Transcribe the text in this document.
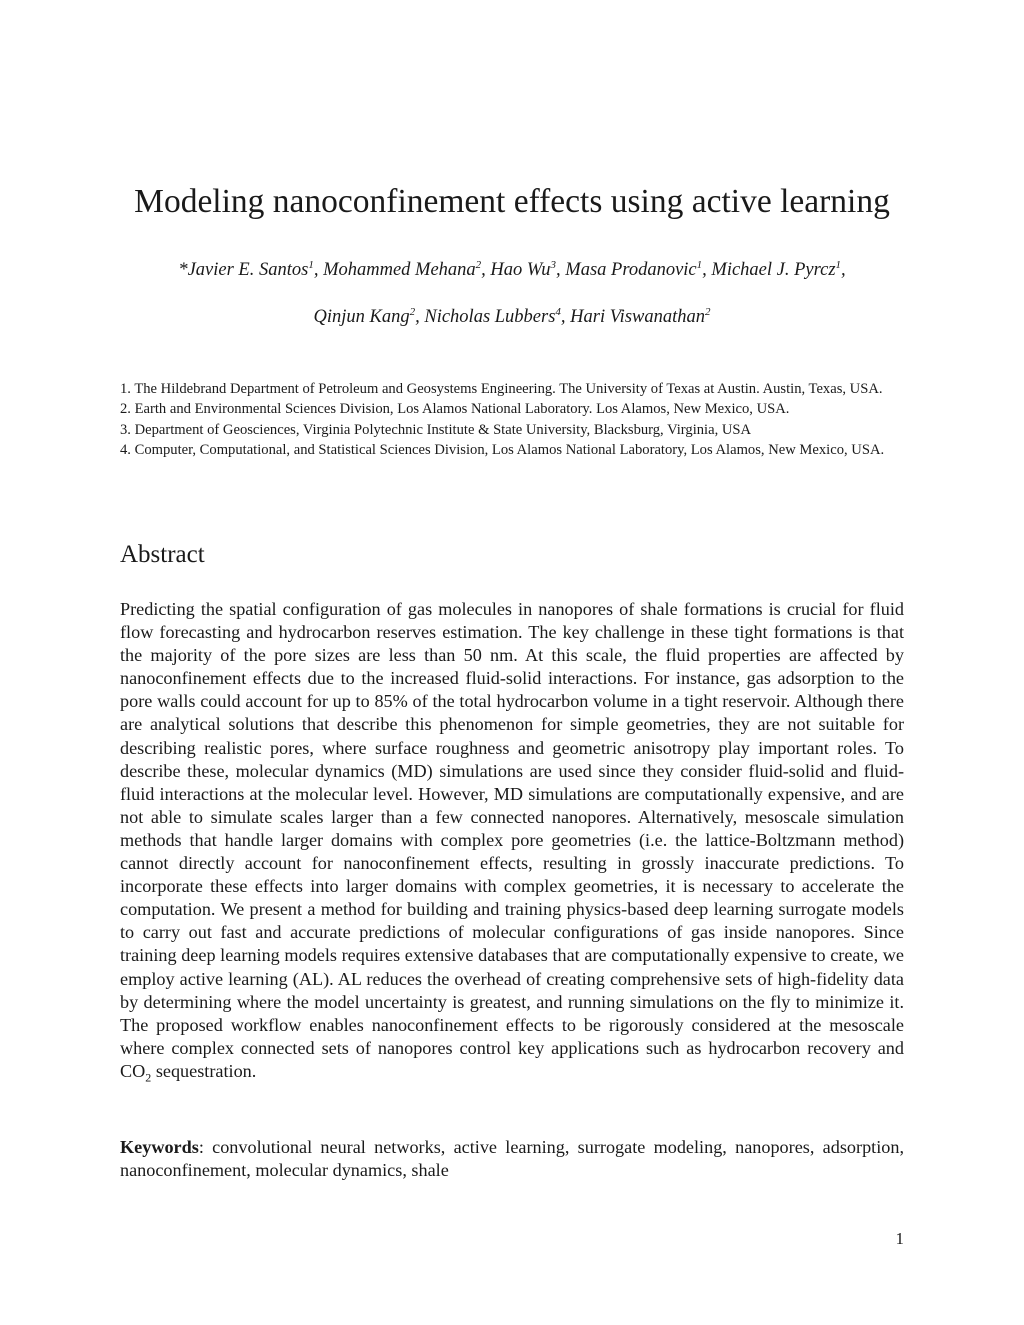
Modeling nanoconfinement effects using active learning

*Javier E. Santos$^1$, Mohammed Mehana$^2$, Hao Wu$^3$, Masa Prodanovic$^1$, Michael J. Pyrcz$^1$,

Qinjun Kang$^2$, Nicholas Lubbers$^4$, Hari Viswanathan$^2$

1. The Hildebrand Department of Petroleum and Geosystems Engineering. The University of Texas at Austin. Austin, Texas, USA.

2. Earth and Environmental Sciences Division, Los Alamos National Laboratory. Los Alamos, New Mexico, USA.

3. Department of Geosciences, Virginia Polytechnic Institute & State University, Blacksburg, Virginia, USA

4. Computer, Computational, and Statistical Sciences Division, Los Alamos National Laboratory, Los Alamos, New Mexico, USA.

Abstract

Predicting the spatial configuration of gas molecules in nanopores of shale formations is crucial for fluid flow forecasting and hydrocarbon reserves estimation. The key challenge in these tight formations is that the majority of the pore sizes are less than 50 nm. At this scale, the fluid properties are affected by nanoconfinement effects due to the increased fluid-solid interactions. For instance, gas adsorption to the pore walls could account for up to 85% of the total hydrocarbon volume in a tight reservoir. Although there are analytical solutions that describe this phenomenon for simple geometries, they are not suitable for describing realistic pores, where surface roughness and geometric anisotropy play important roles. To describe these, molecular dynamics (MD) simulations are used since they consider fluid-solid and fluid-fluid interactions at the molecular level. However, MD simulations are computationally expensive, and are not able to simulate scales larger than a few connected nanopores. Alternatively, mesoscale simulation methods that handle larger domains with complex pore geometries (i.e. the lattice-Boltzmann method) cannot directly account for nanoconfinement effects, resulting in grossly inaccurate predictions. To incorporate these effects into larger domains with complex geometries, it is necessary to accelerate the computation. We present a method for building and training physics-based deep learning surrogate models to carry out fast and accurate predictions of molecular configurations of gas inside nanopores. Since training deep learning models requires extensive databases that are computationally expensive to create, we employ active learning (AL). AL reduces the overhead of creating comprehensive sets of high-fidelity data by determining where the model uncertainty is greatest, and running simulations on the fly to minimize it. The proposed workflow enables nanoconfinement effects to be rigorously considered at the mesoscale where complex connected sets of nanopores control key applications such as hydrocarbon recovery and $CO_2$ sequestration.

Keywords: convolutional neural networks, active learning, surrogate modeling, nanopores, adsorption, nanoconfinement, molecular dynamics, shale

1
